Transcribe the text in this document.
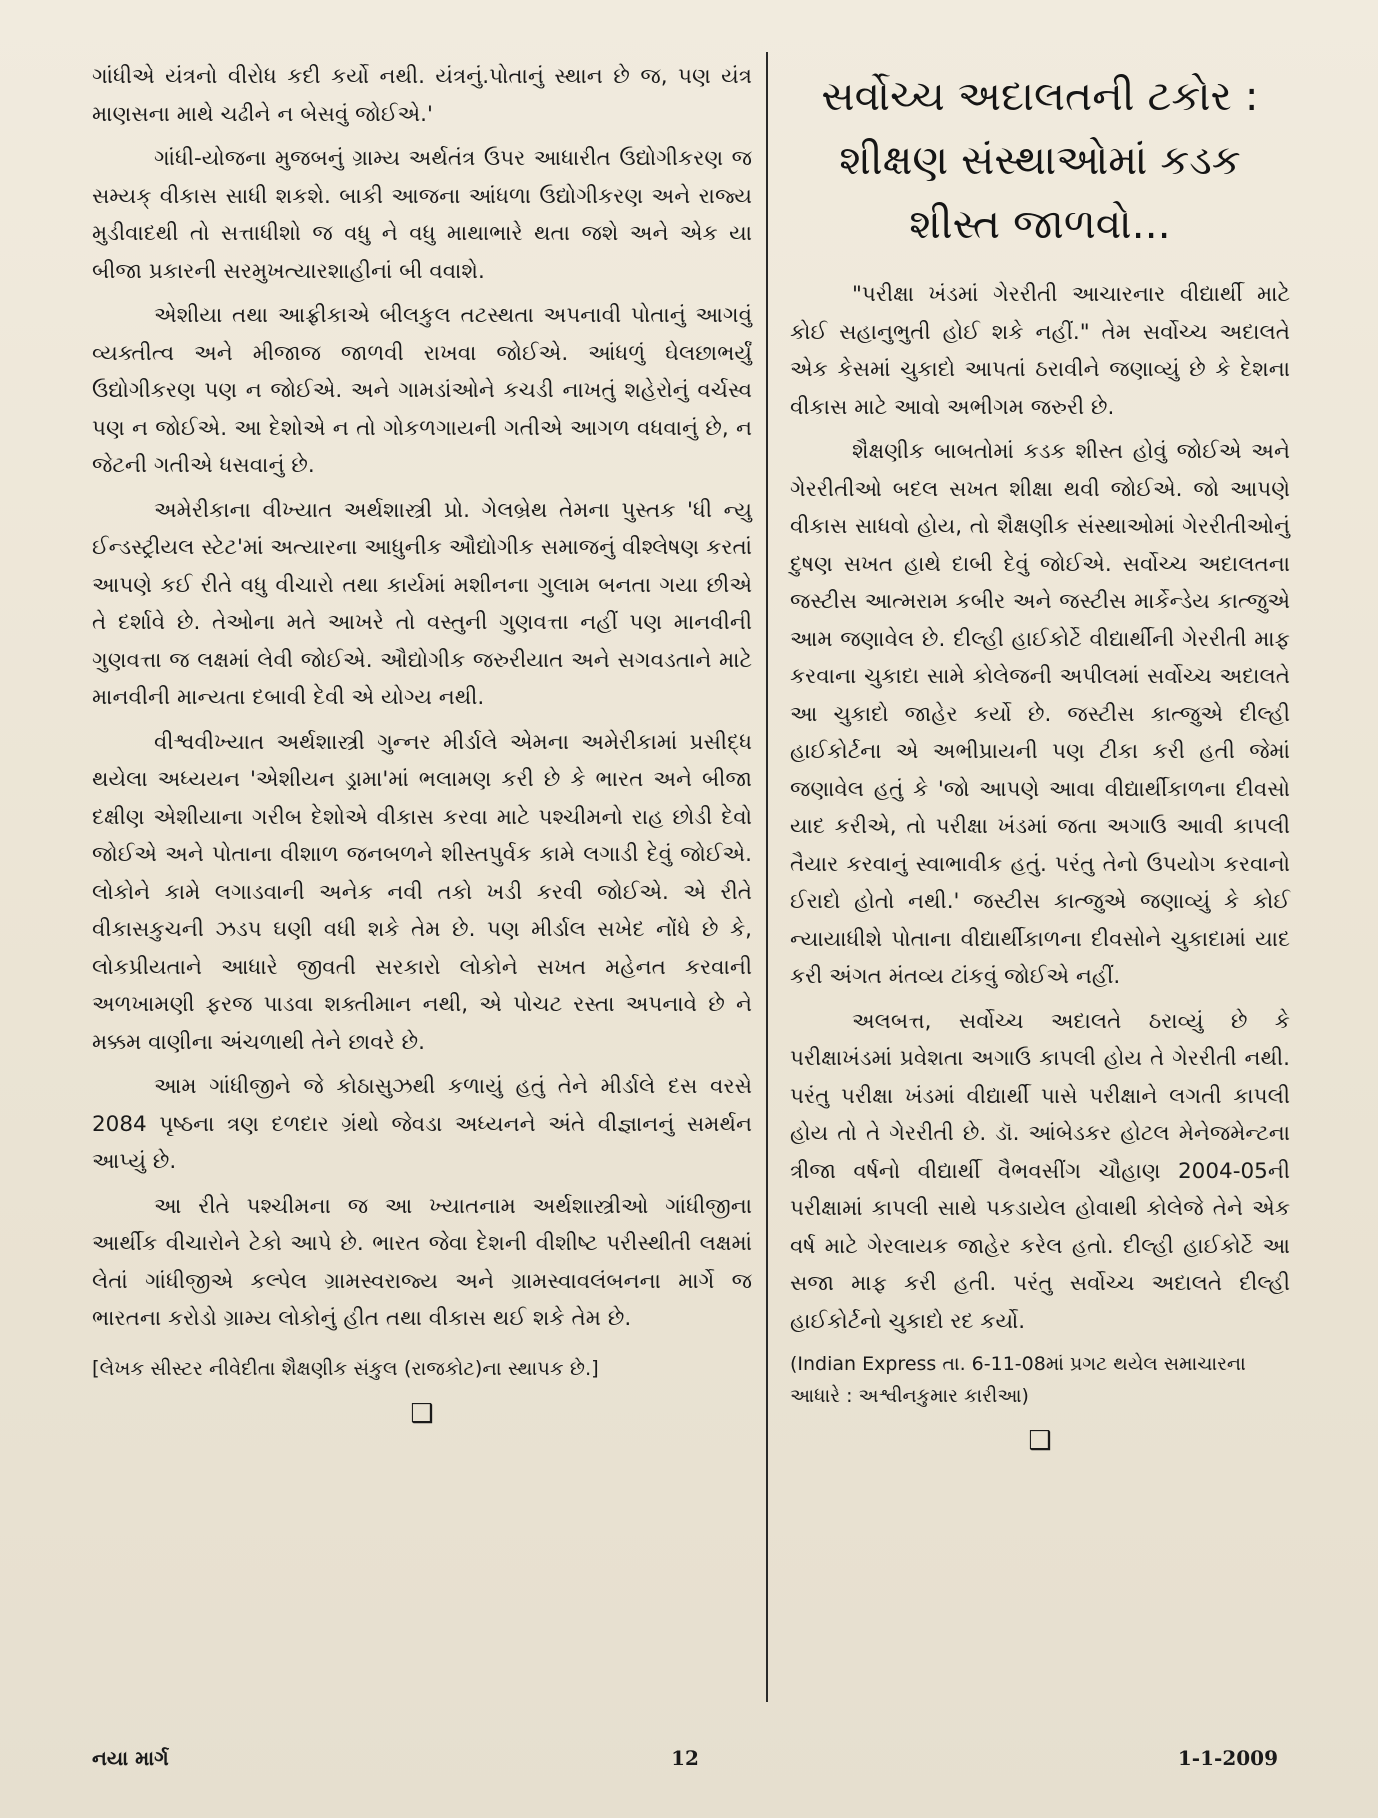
ગાંધીએ યંત્રનો વીરોધ કદી કર્યો નથી. યંત્રનું.પોતાનું સ્થાન છે જ, પણ યંત્ર માણસના માથે ચઢીને ન બેસવું જોઈએ.'

ગાંધી-યોજના મુજબનું ગ્રામ્ય અર્થતંત્ર ઉપર આધારીત ઉદ્યોગીકરણ જ સમ્યક્ વીકાસ સાધી શકશે. બાકી આજના આંધળા ઉદ્યોગીકરણ અને રાજ્ય મુડીવાદથી તો સત્તાધીશો જ વધુ ને વધુ માથાભારે થતા જશે અને એક યા બીજા પ્રકારની સરમુખત્યારશાહીનાં બી વવાશે.

એશીયા તથા આફ્રીકાએ બીલકુલ તટસ્થતા અપનાવી પોતાનું આગવું વ્યક્તીત્વ અને મીજાજ જાળવી રાખવા જોઈએ. આંધળું ઘેલછાભર્યું ઉદ્યોગીકરણ પણ ન જોઈએ. અને ગામડાંઓને કચડી નાખતું શહેરોનું વર્ચસ્વ પણ ન જોઈએ. આ દેશોએ ન તો ગોકળગાયની ગતીએ આગળ વધવાનું છે, ન જેટની ગતીએ ધસવાનું છે.

અમેરીકાના વીખ્યાત અર્થશાસ્ત્રી પ્રો. ગેલબ્રેથ તેમના પુસ્તક 'ધી ન્યુ ઈન્ડસ્ટ્રીયલ સ્ટેટ'માં અત્યારના આધુનીક ઔદ્યોગીક સમાજનું વીશ્લેષણ કરતાં આપણે કઈ રીતે વધુ વીચારો તથા કાર્યમાં મશીનના ગુલામ બનતા ગયા છીએ તે દર્શાવે છે. તેઓના મતે આખરે તો વસ્તુની ગુણવત્તા નહીં પણ માનવીની ગુણવત્તા જ લક્ષમાં લેવી જોઈએ. ઔદ્યોગીક જરુરીયાત અને સગવડતાને માટે માનવીની માન્યતા દબાવી દેવી એ યોગ્ય નથી.

વીશ્વવીખ્યાત અર્થશાસ્ત્રી ગુન્નર મીર્ડાલે એમના અમેરીકામાં પ્રસીદ્ધ થયેલા અધ્યયન 'એશીયન ડ્રામા'માં ભલામણ કરી છે કે ભારત અને બીજા દક્ષીણ એશીયાના ગરીબ દેશોએ વીકાસ કરવા માટે પશ્ચીમનો રાહ છોડી દેવો જોઈએ અને પોતાના વીશાળ જનબળને શીસ્તપુર્વક કામે લગાડી દેવું જોઈએ. લોકોને કામે લગાડવાની અનેક નવી તકો ખડી કરવી જોઈએ. એ રીતે વીકાસકુચની ઝડપ ઘણી વધી શકે તેમ છે. પણ મીર્ડાલ સખેદ નોંધે છે કે, લોકપ્રીયતાને આધારે જીવતી સરકારો લોકોને સખત મહેનત કરવાની અળખામણી ફરજ પાડવા શક્તીમાન નથી, એ પોચટ રસ્તા અપનાવે છે ને મક્કમ વાણીના અંચળાથી તેને છાવરે છે.

આમ ગાંધીજીને જે કોઠાસુઝથી કળાયું હતું તેને મીર્ડાલે દસ વરસે 2084 પૃષ્ઠના ત્રણ દળદાર ગ્રંથો જેવડા અધ્યનને અંતે વીજ્ઞાનનું સમર્થન આપ્યું છે.

આ રીતે પશ્ચીમના જ આ ખ્યાતનામ અર્થશાસ્ત્રીઓ ગાંધીજીના આર્થીક વીચારોને ટેકો આપે છે. ભારત જેવા દેશની વીશીષ્ટ પરીસ્થીતી લક્ષમાં લેતાં ગાંધીજીએ કલ્પેલ ગ્રામસ્વરાજ્ય અને ગ્રામસ્વાવલંબનના માર્ગે જ ભારતના કરોડો ગ્રામ્ય લોકોનું હીત તથા વીકાસ થઈ શકે તેમ છે.

[લેખક સીસ્ટર નીવેદીતા શૈક્ષણીક સંકુલ (રાજકોટ)ના સ્થાપક છે.]
❑
સર્વોચ્ચ અદાલતની ટકોર :
શીક્ષણ સંસ્થાઓમાં કડક
શીસ્ત જાળવો...

"પરીક્ષા ખંડમાં ગેરરીતી આચારનાર વીદ્યાર્થી માટે કોઈ સહાનુભુતી હોઈ શકે નહીં." તેમ સર્વોચ્ચ અદાલતે એક કેસમાં ચુકાદો આપતાં ઠરાવીને જણાવ્યું છે કે દેશના વીકાસ માટે આવો અભીગમ જરુરી છે.

શૈક્ષણીક બાબતોમાં કડક શીસ્ત હોવું જોઈએ અને ગેરરીતીઓ બદલ સખત શીક્ષા થવી જોઈએ. જો આપણે વીકાસ સાધવો હોય, તો શૈક્ષણીક સંસ્થાઓમાં ગેરરીતીઓનું દુષણ સખત હાથે દાબી દેવું જોઈએ. સર્વોચ્ચ અદાલતના જસ્ટીસ આત્મરામ કબીર અને જસ્ટીસ માર્કેન્ડેય કાત્જુએ આમ જણાવેલ છે. દીલ્હી હાઈકોર્ટે વીદ્યાર્થીની ગેરરીતી માફ કરવાના ચુકાદા સામે કોલેજની અપીલમાં સર્વોચ્ચ અદાલતે આ ચુકાદો જાહેર કર્યો છે. જસ્ટીસ કાત્જુએ દીલ્હી હાઈકોર્ટના એ અભીપ્રાયની પણ ટીકા કરી હતી જેમાં જણાવેલ હતું કે 'જો આપણે આવા વીદ્યાર્થીકાળના દીવસો યાદ કરીએ, તો પરીક્ષા ખંડમાં જતા અગાઉ આવી કાપલી તૈયાર કરવાનું સ્વાભાવીક હતું. પરંતુ તેનો ઉપયોગ કરવાનો ઈરાદો હોતો નથી.' જસ્ટીસ કાત્જુએ જણાવ્યું કે કોઈ ન્યાયાધીશે પોતાના વીદ્યાર્થીકાળના દીવસોને ચુકાદામાં યાદ કરી અંગત મંતવ્ય ટાંકવું જોઈએ નહીં.

અલબત્ત, સર્વોચ્ચ અદાલતે ઠરાવ્યું છે કે પરીક્ષાખંડમાં પ્રવેશતા અગાઉ કાપલી હોય તે ગેરરીતી નથી. પરંતુ પરીક્ષા ખંડમાં વીદ્યાર્થી પાસે પરીક્ષાને લગતી કાપલી હોય તો તે ગેરરીતી છે. ડૉ. આંબેડકર હોટલ મેનેજમેન્ટના ત્રીજા વર્ષનો વીદ્યાર્થી વૈભવસીંગ ચૌહાણ 2004-05ની પરીક્ષામાં કાપલી સાથે પકડાયેલ હોવાથી કોલેજે તેને એક વર્ષ માટે ગેરલાયક જાહેર કરેલ હતો. દીલ્હી હાઈકોર્ટે આ સજા માફ કરી હતી. પરંતુ સર્વોચ્ચ અદાલતે દીલ્હી હાઈકોર્ટનો ચુકાદો રદ કર્યો.

(Indian Express તા. 6-11-08માં પ્રગટ થયેલ સમાચારના આધારે : અશ્વીનકુમાર કારીઆ)
❑
નયા માર્ગ	12	1-1-2009
